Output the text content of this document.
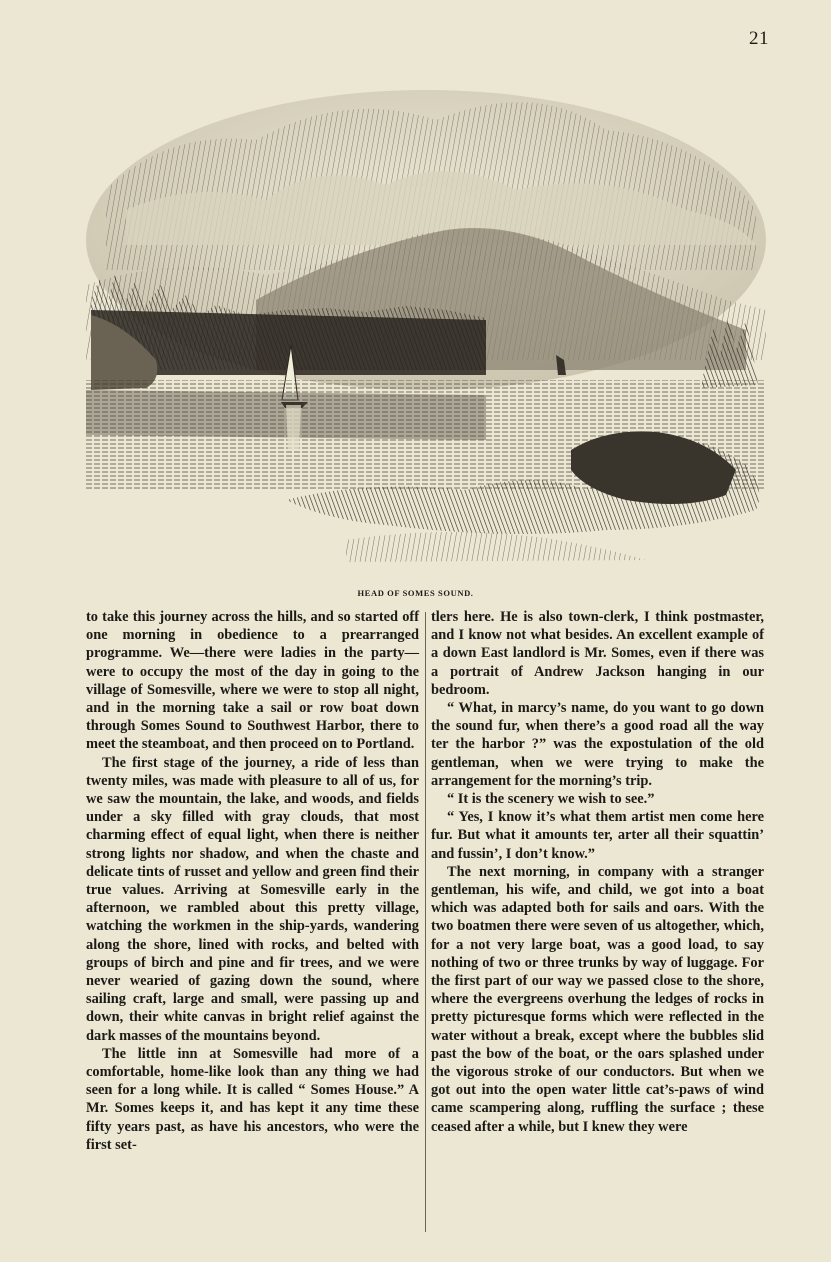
21
HEAD OF SOMES SOUND.

to take this journey across the hills, and so started off one morning in obedience to a prearranged programme. We—there were ladies in the party—were to occupy the most of the day in going to the village of Somesville, where we were to stop all night, and in the morning take a sail or row boat down through Somes Sound to Southwest Harbor, there to meet the steamboat, and then proceed on to Portland.

The first stage of the journey, a ride of less than twenty miles, was made with pleasure to all of us, for we saw the mountain, the lake, and woods, and fields under a sky filled with gray clouds, that most charming effect of equal light, when there is neither strong lights nor shadow, and when the chaste and delicate tints of russet and yellow and green find their true values. Arriving at Somesville early in the afternoon, we rambled about this pretty village, watching the workmen in the ship-yards, wandering along the shore, lined with rocks, and belted with groups of birch and pine and fir trees, and we were never wearied of gazing down the sound, where sailing craft, large and small, were passing up and down, their white canvas in bright relief against the dark masses of the mountains beyond.

The little inn at Somesville had more of a comfortable, home-like look than any thing we had seen for a long while. It is called “ Somes House.” A Mr. Somes keeps it, and has kept it any time these fifty years past, as have his ancestors, who were the first set-

tlers here. He is also town-clerk, I think postmaster, and I know not what besides. An excellent example of a down East landlord is Mr. Somes, even if there was a portrait of Andrew Jackson hanging in our bedroom.

“ What, in marcy’s name, do you want to go down the sound fur, when there’s a good road all the way ter the harbor ?” was the expostulation of the old gentleman, when we were trying to make the arrangement for the morning’s trip.

“ It is the scenery we wish to see.”

“ Yes, I know it’s what them artist men come here fur. But what it amounts ter, arter all their squattin’ and fussin’, I don’t know.”

The next morning, in company with a stranger gentleman, his wife, and child, we got into a boat which was adapted both for sails and oars. With the two boatmen there were seven of us altogether, which, for a not very large boat, was a good load, to say nothing of two or three trunks by way of luggage. For the first part of our way we passed close to the shore, where the evergreens overhung the ledges of rocks in pretty picturesque forms which were reflected in the water without a break, except where the bubbles slid past the bow of the boat, or the oars splashed under the vigorous stroke of our conductors. But when we got out into the open water little cat’s-paws of wind came scampering along, ruffling the surface ; these ceased after a while, but I knew they were
